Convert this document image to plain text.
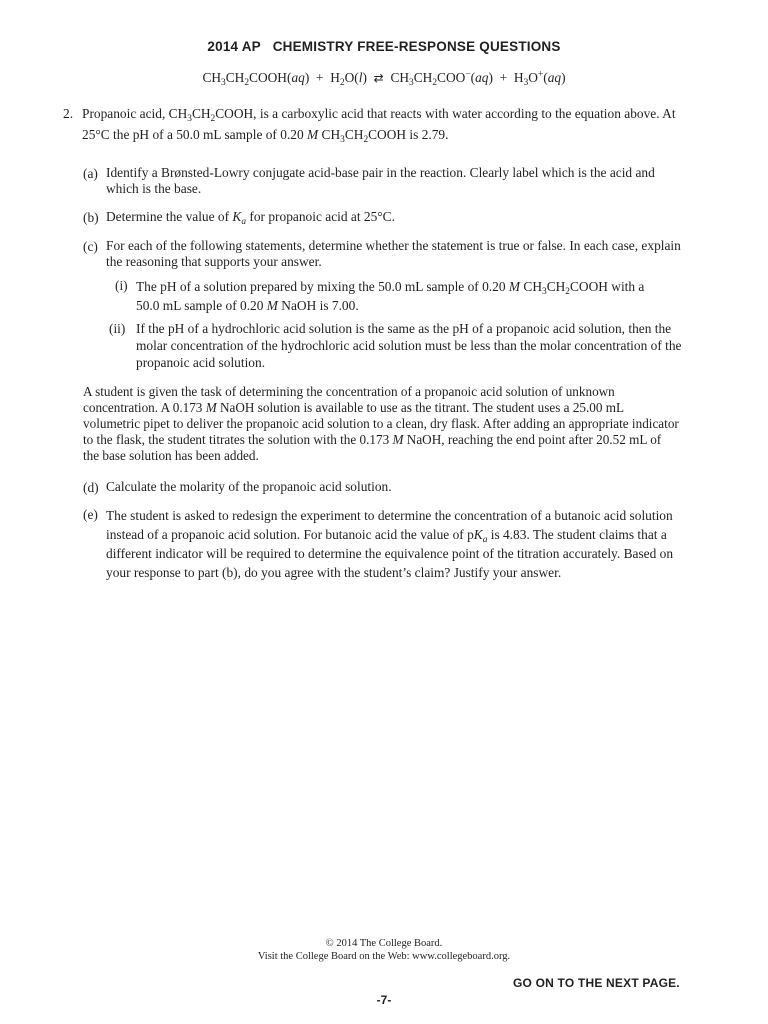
2014 AP   CHEMISTRY FREE-RESPONSE QUESTIONS
$CH_3CH_2COOH(aq) + H_2O(l)$ ⇄ $CH_3CH_2COO^-(aq) + H_3O^+(aq)$
2. Propanoic acid, $CH_3CH_2COOH$, is a carboxylic acid that reacts with water according to the equation above. At
25°C the pH of a 50.0 mL sample of 0.20 M $CH_3CH_2COOH$ is 2.79.
(a) Identify a Brønsted-Lowry conjugate acid-base pair in the reaction. Clearly label which is the acid and
which is the base.
(b) Determine the value of $K_a$ for propanoic acid at 25°C.
(c) For each of the following statements, determine whether the statement is true or false. In each case, explain
the reasoning that supports your answer.
(i) The pH of a solution prepared by mixing the 50.0 mL sample of 0.20 M $CH_3CH_2COOH$ with a
50.0 mL sample of 0.20 M NaOH is 7.00.
(ii) If the pH of a hydrochloric acid solution is the same as the pH of a propanoic acid solution, then the
molar concentration of the hydrochloric acid solution must be less than the molar concentration of the
propanoic acid solution.
A student is given the task of determining the concentration of a propanoic acid solution of unknown
concentration. A 0.173 M NaOH solution is available to use as the titrant. The student uses a 25.00 mL
volumetric pipet to deliver the propanoic acid solution to a clean, dry flask. After adding an appropriate indicator
to the flask, the student titrates the solution with the 0.173 M NaOH, reaching the end point after 20.52 mL of
the base solution has been added.
(d) Calculate the molarity of the propanoic acid solution.
(e) The student is asked to redesign the experiment to determine the concentration of a butanoic acid solution
instead of a propanoic acid solution. For butanoic acid the value of $pK_a$ is 4.83. The student claims that a
different indicator will be required to determine the equivalence point of the titration accurately. Based on
your response to part (b), do you agree with the student’s claim? Justify your answer.
© 2014 The College Board.
Visit the College Board on the Web: www.collegeboard.org.
GO ON TO THE NEXT PAGE.
-7-
